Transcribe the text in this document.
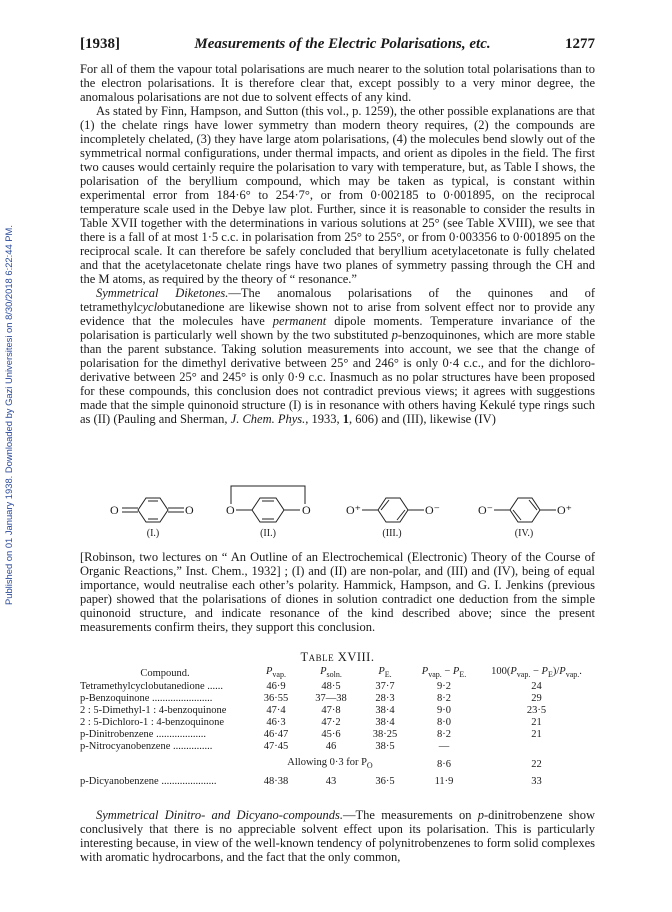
Published on 01 January 1938. Downloaded by Gazi Universitesi on 8/30/2018 6:22:44 PM.
[1938]	Measurements of the Electric Polarisations, etc.	1277

For all of them the vapour total polarisations are much nearer to the solution total polarisations than to the electron polarisations. It is therefore clear that, except possibly to a very minor degree, the anomalous polarisations are not due to solvent effects of any kind.

As stated by Finn, Hampson, and Sutton (this vol., p. 1259), the other possible explanations are that (1) the chelate rings have lower symmetry than modern theory requires, (2) the compounds are incompletely chelated, (3) they have large atom polarisations, (4) the molecules bend slowly out of the symmetrical normal configurations, under thermal impacts, and orient as dipoles in the field. The first two causes would certainly require the polarisation to vary with temperature, but, as Table I shows, the polarisation of the beryllium compound, which may be taken as typical, is constant within experimental error from 184·6° to 254·7°, or from 0·002185 to 0·001895, on the reciprocal temperature scale used in the Debye law plot. Further, since it is reasonable to consider the results in Table XVII together with the determinations in various solutions at 25° (see Table XVIII), we see that there is a fall of at most 1·5 c.c. in polarisation from 25° to 255°, or from 0·003356 to 0·001895 on the reciprocal scale. It can therefore be safely concluded that beryllium acetylacetonate is fully chelated and that the acetylacetonate chelate rings have two planes of symmetry passing through the CH and the M atoms, as required by the theory of “ resonance.”

Symmetrical Diketones.—The anomalous polarisations of the quinones and of tetramethylcyclobutanedione are likewise shown not to arise from solvent effect nor to provide any evidence that the molecules have permanent dipole moments. Temperature invariance of the polarisation is particularly well shown by the two substituted p-benzoquinones, which are more stable than the parent substance. Taking solution measurements into account, we see that the change of polarisation for the dimethyl derivative between 25° and 246° is only 0·4 c.c., and for the dichloro-derivative between 25° and 245° is only 0·9 c.c. Inasmuch as no polar structures have been proposed for these compounds, this conclusion does not contradict previous views; it agrees with suggestions made that the simple quinonoid structure (I) is in resonance with others having Kekulé type rings such as (II) (Pauling and Sherman, J. Chem. Phys., 1933, 1, 606) and (III), likewise (IV)

O	O
(I.)
O	O
(II.)
O⁺	O⁻
(III.)
O⁻	O⁺
(IV.)

[Robinson, two lectures on “ An Outline of an Electrochemical (Electronic) Theory of the Course of Organic Reactions,” Inst. Chem., 1932] ; (I) and (II) are non-polar, and (III) and (IV), being of equal importance, would neutralise each other’s polarity. Hammick, Hampson, and G. I. Jenkins (previous paper) showed that the polarisations of diones in solution contradict one deduction from the simple quinonoid structure, and indicate resonance of the kind described above; since the present measurements confirm theirs, they support this conclusion.

Table XVIII.
Compound.	$P_{vap.}$	$P_{soln.}$	$P_{E.}$	$P_{vap.} - P_{E.}$	$100(P_{vap.} - P_E)/P_{vap.}$.
Tetramethylcyclobutanedione ......	46·9	48·5	37·7	9·2	24
p-Benzoquinone .......................	36·55	37—38	28·3	8·2	29
2 : 5-Dimethyl-1 : 4-benzoquinone	47·4	47·8	38·4	9·0	23·5
2 : 5-Dichloro-1 : 4-benzoquinone	46·3	47·2	38·4	8·0	21
p-Dinitrobenzene ...................	46·47	45·6	38·25	8·2	21
p-Nitrocyanobenzene ...............	47·45	46	38·5	—	
	Allowing 0·3 for $P_O$			8·6	22
p-Dicyanobenzene .....................	48·38	43	36·5	11·9	33

Symmetrical Dinitro- and Dicyano-compounds.—The measurements on p-dinitrobenzene show conclusively that there is no appreciable solvent effect upon its polarisation. This is particularly interesting because, in view of the well-known tendency of polynitrobenzenes to form solid complexes with aromatic hydrocarbons, and the fact that the only common,
